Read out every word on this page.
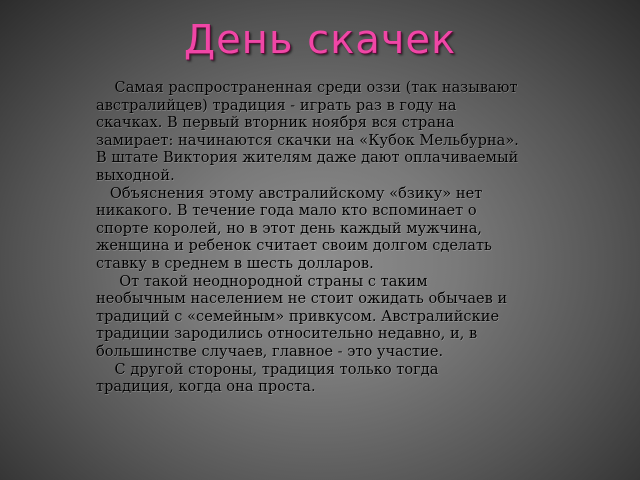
День скачек
Самая распространенная среди оззи (так называют
австралийцев) традиция - играть раз в году на
скачках. В первый вторник ноября вся страна
замирает: начинаются скачки на «Кубок Мельбурна».
В штате Виктория жителям даже дают оплачиваемый
выходной.
Объяснения этому австралийскому «бзику» нет
никакого. В течение года мало кто вспоминает о
спорте королей, но в этот день каждый мужчина,
женщина и ребенок считает своим долгом сделать
ставку в среднем в шесть долларов.
От такой неоднородной страны с таким
необычным населением не стоит ожидать обычаев и
традиций с «семейным» привкусом. Австралийские
традиции зародились относительно недавно, и, в
большинстве случаев, главное - это участие.
С другой стороны, традиция только тогда
традиция, когда она проста.
